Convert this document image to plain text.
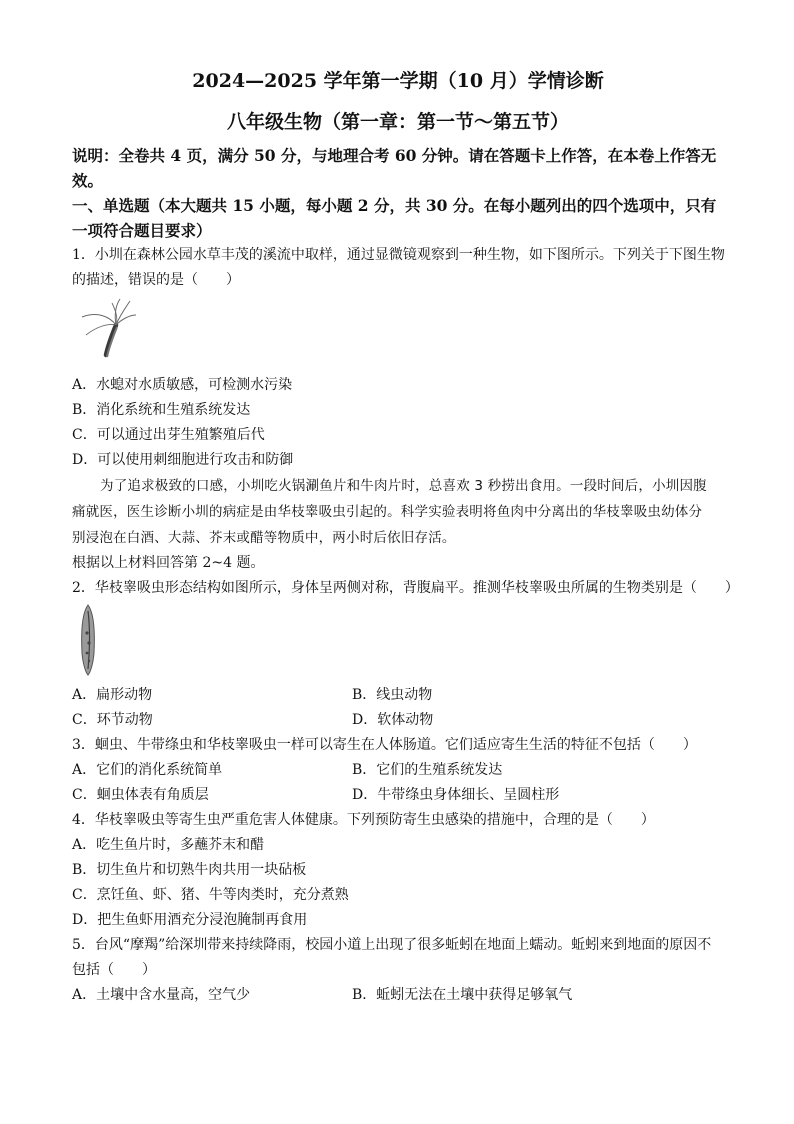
2024—2025 学年第一学期（10 月）学情诊断

八年级生物（第一章：第一节～第五节）

说明：全卷共 4 页，满分 50 分，与地理合考 60 分钟。请在答题卡上作答，在本卷上作答无

效。

一、单选题（本大题共 15 小题，每小题 2 分，共 30 分。在每小题列出的四个选项中，只有

一项符合题目要求）

1．小圳在森林公园水草丰茂的溪流中取样，通过显微镜观察到一种生物，如下图所示。下列关于下图生物

的描述，错误的是（　　）

A．水螅对水质敏感，可检测水污染

B．消化系统和生殖系统发达

C．可以通过出芽生殖繁殖后代

D．可以使用刺细胞进行攻击和防御

为了追求极致的口感，小圳吃火锅涮鱼片和牛肉片时，总喜欢 3 秒捞出食用。一段时间后，小圳因腹

痛就医，医生诊断小圳的病症是由华枝睾吸虫引起的。科学实验表明将鱼肉中分离出的华枝睾吸虫幼体分

别浸泡在白酒、大蒜、芥末或醋等物质中，两小时后依旧存活。

根据以上材料回答第 2~4 题。

2．华枝睾吸虫形态结构如图所示，身体呈两侧对称，背腹扁平。推测华枝睾吸虫所属的生物类别是（　　）

A．扁形动物	B．线虫动物
C．环节动物	D．软体动物

3．蛔虫、牛带绦虫和华枝睾吸虫一样可以寄生在人体肠道。它们适应寄生生活的特征不包括（　　）

A．它们的消化系统简单	B．它们的生殖系统发达
C．蛔虫体表有角质层	D．牛带绦虫身体细长、呈圆柱形

4．华枝睾吸虫等寄生虫严重危害人体健康。下列预防寄生虫感染的措施中，合理的是（　　）

A．吃生鱼片时，多蘸芥末和醋

B．切生鱼片和切熟牛肉共用一块砧板

C．烹饪鱼、虾、猪、牛等肉类时，充分煮熟

D．把生鱼虾用酒充分浸泡腌制再食用

5．台风“摩羯”给深圳带来持续降雨，校园小道上出现了很多蚯蚓在地面上蠕动。蚯蚓来到地面的原因不

包括（　　）

A．土壤中含水量高，空气少	B．蚯蚓无法在土壤中获得足够氧气
